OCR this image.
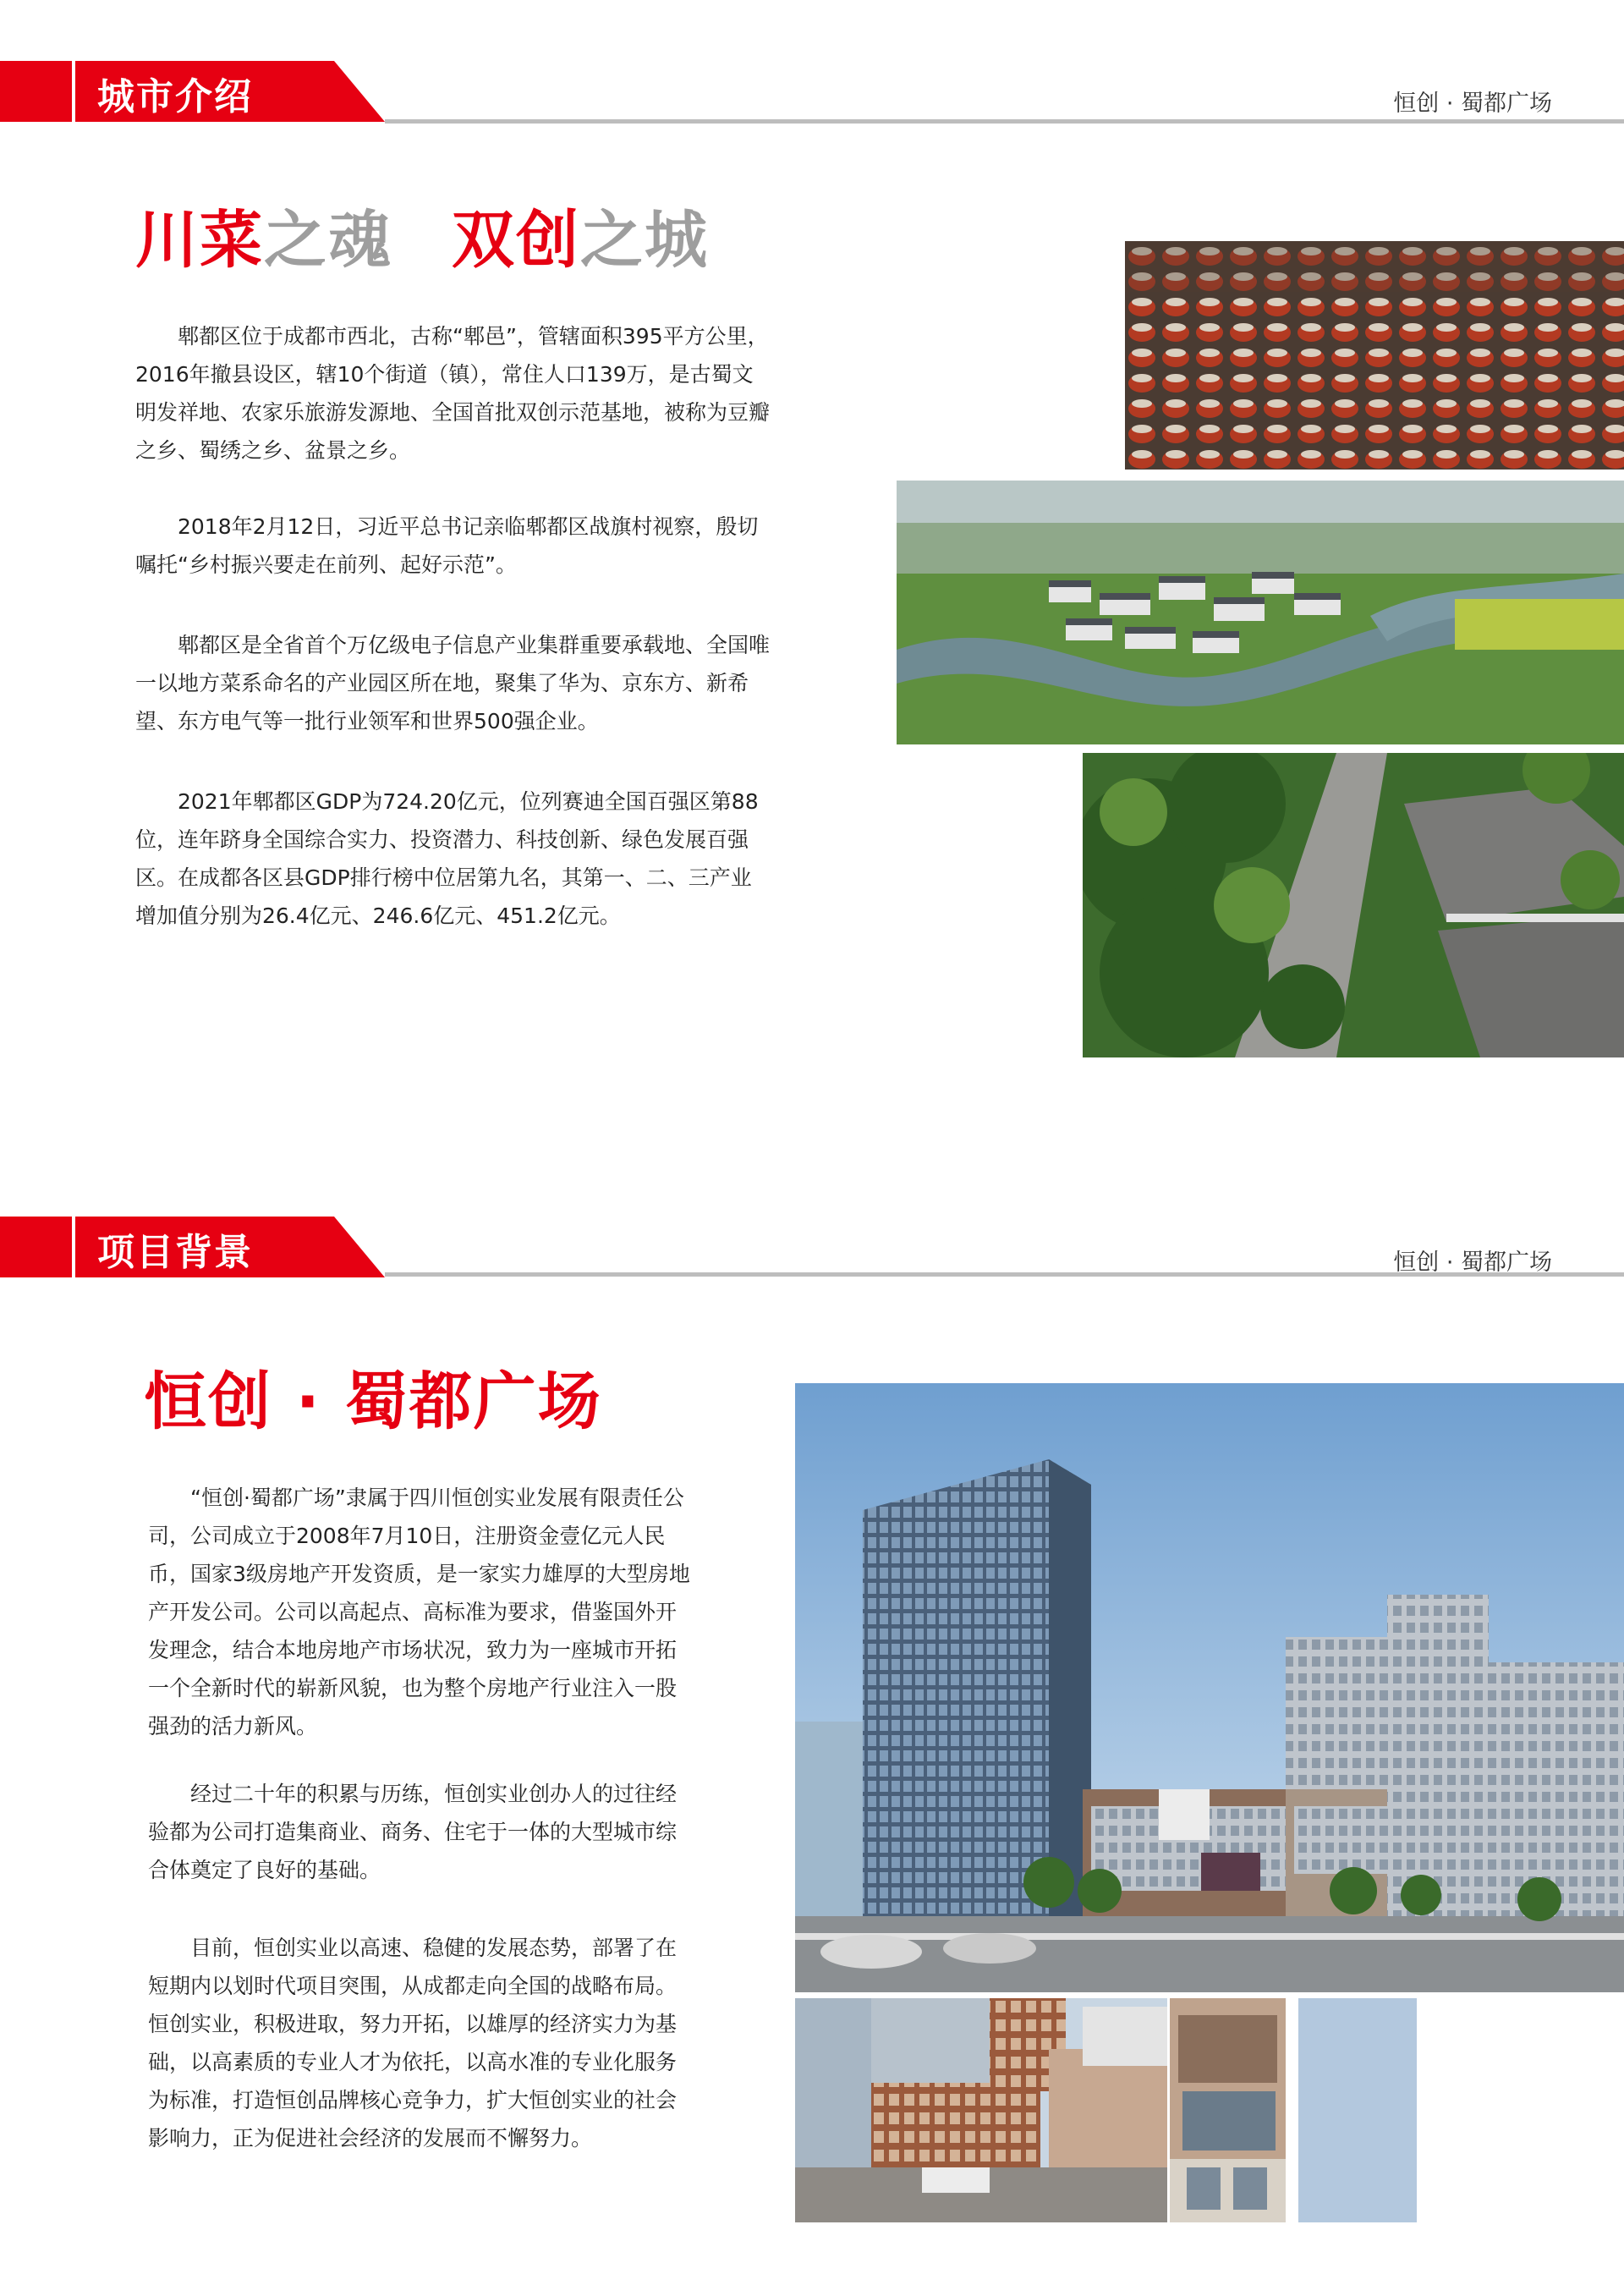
城市介绍	恒创 · 蜀都广场
川菜之魂 双创之城

郫都区位于成都市西北，古称“郫邑”，管辖面积395平方公里，2016年撤县设区，辖10个街道（镇），常住人口139万，是古蜀文明发祥地、农家乐旅游发源地、全国首批双创示范基地，被称为豆瓣之乡、蜀绣之乡、盆景之乡。

2018年2月12日，习近平总书记亲临郫都区战旗村视察，殷切嘱托“乡村振兴要走在前列、起好示范”。

郫都区是全省首个万亿级电子信息产业集群重要承载地、全国唯一以地方菜系命名的产业园区所在地，聚集了华为、京东方、新希望、东方电气等一批行业领军和世界500强企业。

2021年郫都区GDP为724.20亿元，位列赛迪全国百强区第88位，连年跻身全国综合实力、投资潜力、科技创新、绿色发展百强区。在成都各区县GDP排行榜中位居第九名，其第一、二、三产业增加值分别为26.4亿元、246.6亿元、451.2亿元。

项目背景	恒创 · 蜀都广场
恒创 · 蜀都广场

“恒创·蜀都广场”隶属于四川恒创实业发展有限责任公司，公司成立于2008年7月10日，注册资金壹亿元人民币，国家3级房地产开发资质，是一家实力雄厚的大型房地产开发公司。公司以高起点、高标准为要求，借鉴国外开发理念，结合本地房地产市场状况，致力为一座城市开拓一个全新时代的崭新风貌，也为整个房地产行业注入一股强劲的活力新风。

经过二十年的积累与历练，恒创实业创办人的过往经验都为公司打造集商业、商务、住宅于一体的大型城市综合体奠定了良好的基础。

目前，恒创实业以高速、稳健的发展态势，部署了在短期内以划时代项目突围，从成都走向全国的战略布局。恒创实业，积极进取，努力开拓，以雄厚的经济实力为基础，以高素质的专业人才为依托，以高水准的专业化服务为标准，打造恒创品牌核心竞争力，扩大恒创实业的社会影响力，正为促进社会经济的发展而不懈努力。
